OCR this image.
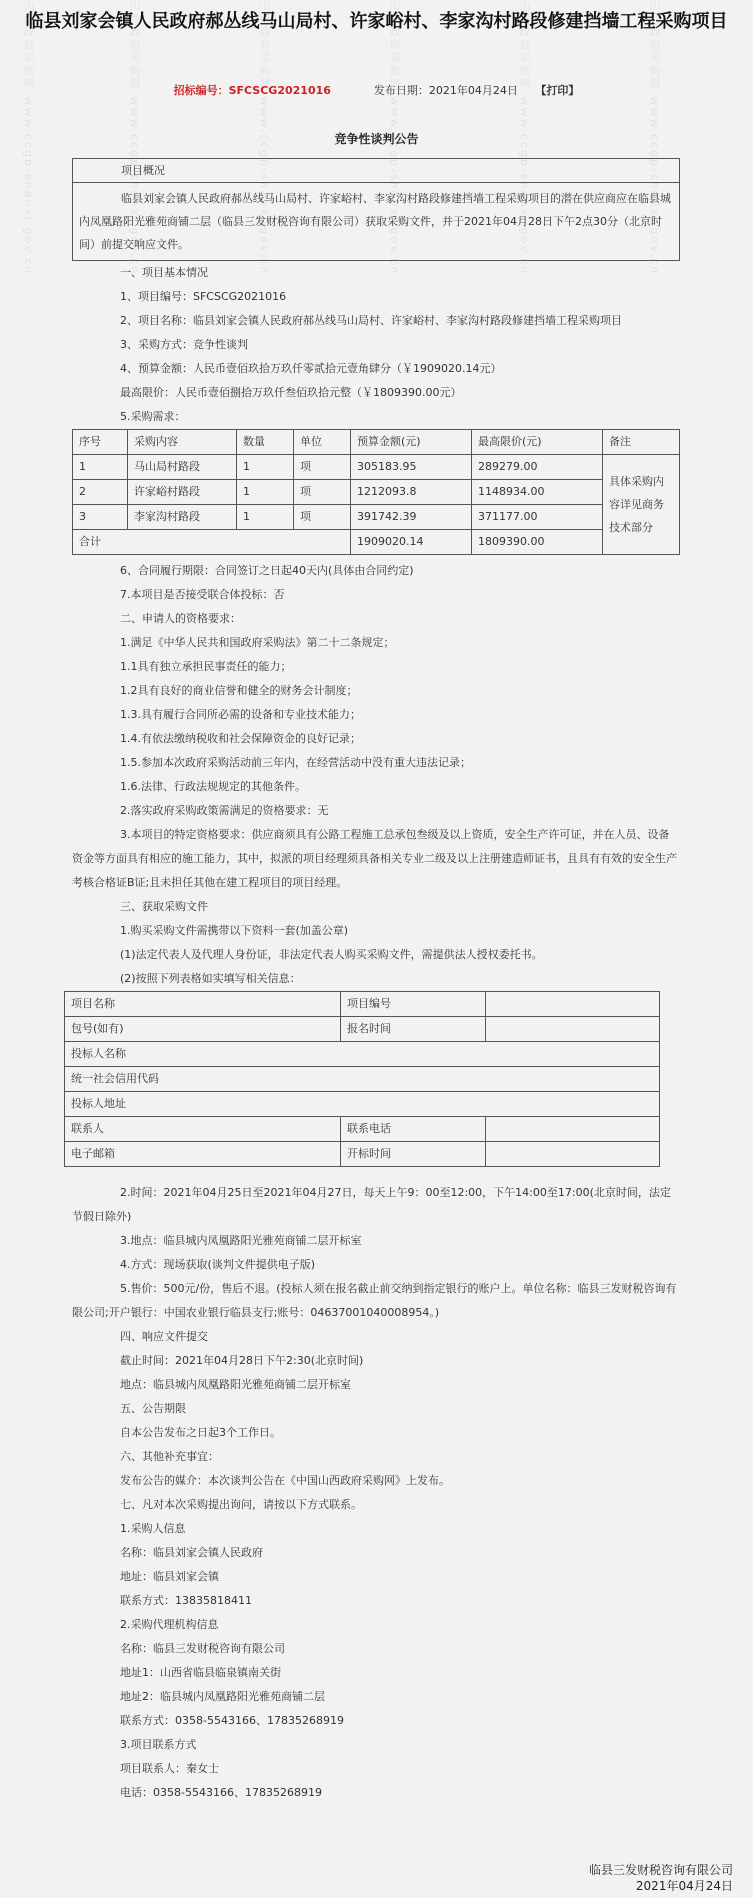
山西政府采购网 www.ccgp-shanxi.gov.cn	山西政府采购网 www.ccgp-shanxi.gov.cn	山西政府采购网 www.ccgp-shanxi.gov.cn	山西政府采购网 www.ccgp-shanxi.gov.cn	山西政府采购网 www.ccgp-shanxi.gov.cn	山西政府采购网 www.ccgp-shanxi.gov.cn
临县刘家会镇人民政府郝丛线马山局村、许家峪村、李家沟村路段修建挡墙工程采购项目
招标编号：SFCSCG2021016	发布日期：2021年04月24日 【打印】
竞争性谈判公告
项目概况
临县刘家会镇人民政府郝丛线马山局村、许家峪村、李家沟村路段修建挡墙工程采购项目的潜在供应商应在临县城内凤凰路阳光雅苑商铺二层（临县三发财税咨询有限公司）获取采购文件，并于2021年04月28日下午2点30分（北京时间）前提交响应文件。

一、项目基本情况

1、项目编号：SFCSCG2021016

2、项目名称：临县刘家会镇人民政府郝丛线马山局村、许家峪村、李家沟村路段修建挡墙工程采购项目

3、采购方式：竞争性谈判

4、预算金额：人民币壹佰玖拾万玖仟零贰拾元壹角肆分（￥1909020.14元）

最高限价：人民币壹佰捌拾万玖仟叁佰玖拾元整（￥1809390.00元）

5.采购需求：

序号	采购内容	数量	单位	预算金额(元)	最高限价(元)	备注
1	马山局村路段	1	项	305183.95	289279.00	具体采购内容详见商务技术部分
2	许家峪村路段	1	项	1212093.8	1148934.00	
3	李家沟村路段	1	项	391742.39	371177.00	
合计				1909020.14	1809390.00	

6、合同履行期限：合同签订之日起40天内(具体由合同约定)

7.本项目是否接受联合体投标：否

二、申请人的资格要求：

1.满足《中华人民共和国政府采购法》第二十二条规定；

1.1具有独立承担民事责任的能力；

1.2具有良好的商业信誉和健全的财务会计制度；

1.3.具有履行合同所必需的设备和专业技术能力；

1.4.有依法缴纳税收和社会保障资金的良好记录；

1.5.参加本次政府采购活动前三年内，在经营活动中没有重大违法记录；

1.6.法律、行政法规规定的其他条件。

2.落实政府采购政策需满足的资格要求：无

3.本项目的特定资格要求：供应商须具有公路工程施工总承包叁级及以上资质，安全生产许可证，并在人员、设备资金等方面具有相应的施工能力，其中，拟派的项目经理须具备相关专业二级及以上注册建造师证书，且具有有效的安全生产考核合格证B证;且未担任其他在建工程项目的项目经理。

三、获取采购文件

1.购买采购文件需携带以下资料一套(加盖公章)

(1)法定代表人及代理人身份证，非法定代表人购买采购文件，需提供法人授权委托书。

(2)按照下列表格如实填写相关信息：

项目名称	项目编号	
包号(如有)	报名时间	
投标人名称		
统一社会信用代码		
投标人地址		
联系人	联系电话	
电子邮箱	开标时间	

2.时间：2021年04月25日至2021年04月27日，每天上午9：00至12:00，下午14:00至17:00(北京时间，法定节假日除外)

3.地点：临县城内凤凰路阳光雅苑商铺二层开标室

4.方式：现场获取(谈判文件提供电子版)

5.售价：500元/份，售后不退。(投标人须在报名截止前交纳到指定银行的账户上。单位名称：临县三发财税咨询有限公司;开户银行：中国农业银行临县支行;账号：04637001040008954。)

四、响应文件提交

截止时间：2021年04月28日下午2:30(北京时间)

地点：临县城内凤凰路阳光雅苑商铺二层开标室

五、公告期限

自本公告发布之日起3个工作日。

六、其他补充事宜：

发布公告的媒介：本次谈判公告在《中国山西政府采购网》上发布。

七、凡对本次采购提出询问，请按以下方式联系。

1.采购人信息

名称：临县刘家会镇人民政府

地址：临县刘家会镇

联系方式：13835818411

2.采购代理机构信息

名称：临县三发财税咨询有限公司

地址1：山西省临县临泉镇南关街

地址2：临县城内凤凰路阳光雅苑商铺二层

联系方式：0358-5543166、17835268919

3.项目联系方式

项目联系人：秦女士

电话：0358-5543166、17835268919

临县三发财税咨询有限公司
2021年04月24日
